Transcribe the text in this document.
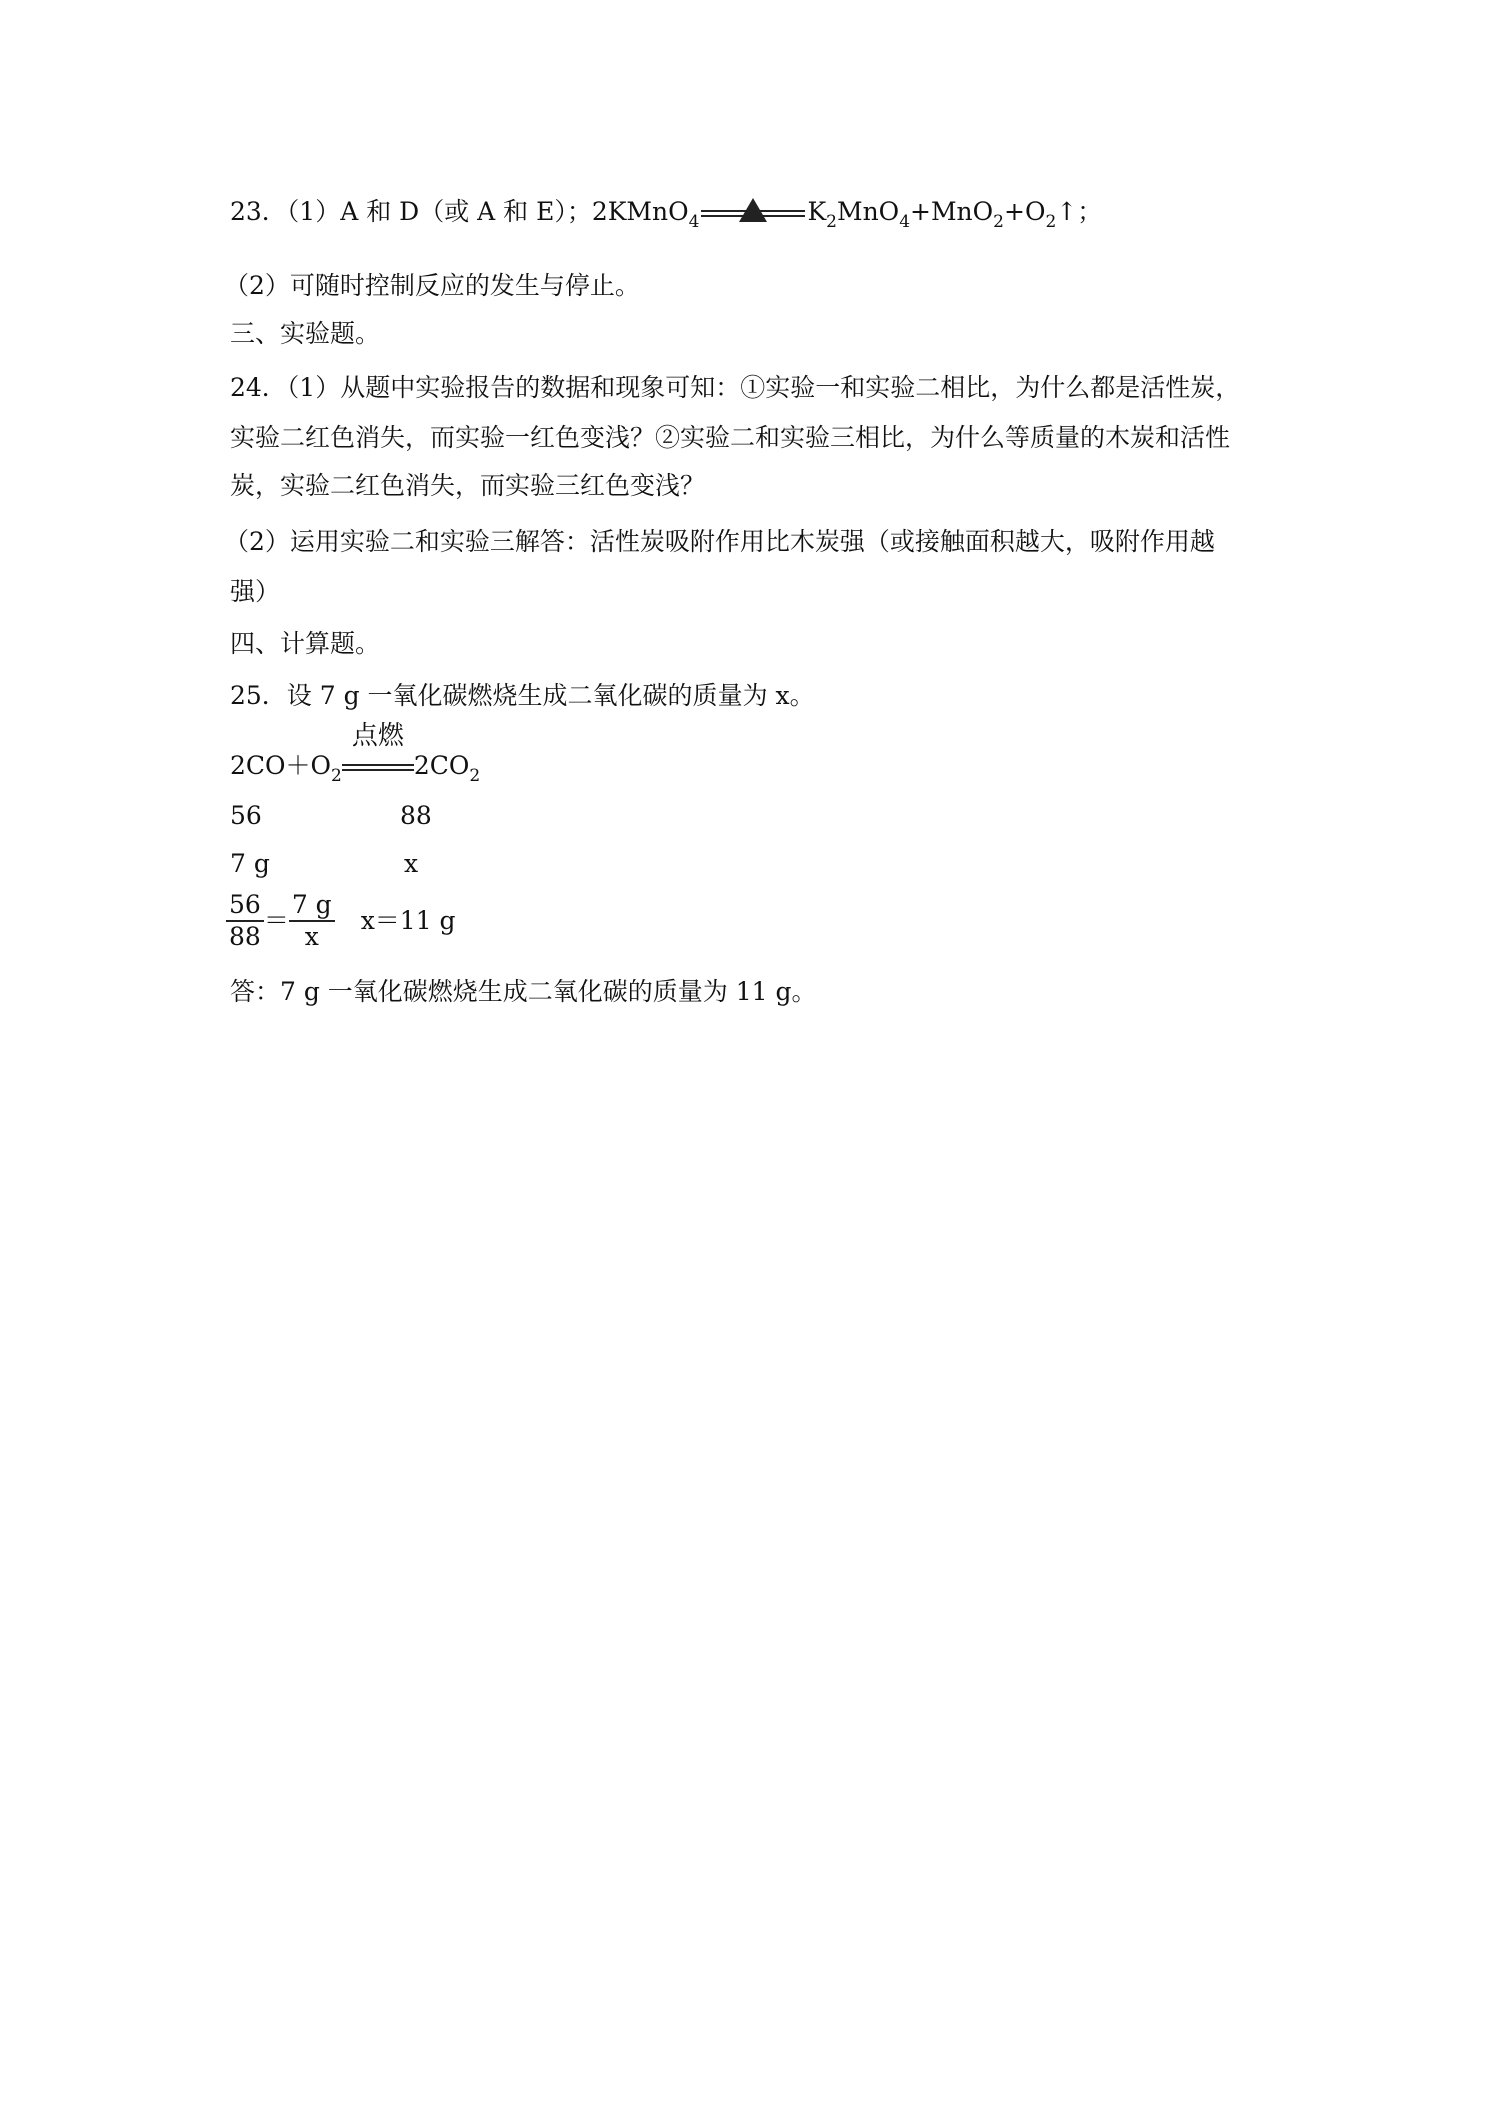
23．（1）A 和 D（或 A 和 E）；2KMnO$_4$	$K_2MnO_4+MnO_2+O_2↑$；
（2）可随时控制反应的发生与停止。
三、实验题。
24．（1）从题中实验报告的数据和现象可知：①实验一和实验二相比，为什么都是活性炭，
实验二红色消失，而实验一红色变浅？②实验二和实验三相比，为什么等质量的木炭和活性
炭，实验二红色消失，而实验三红色变浅？
（2）运用实验二和实验三解答：活性炭吸附作用比木炭强（或接触面积越大，吸附作用越
强）
四、计算题。
25．设 7 g 一氧化碳燃烧生成二氧化碳的质量为 x。
$2CO+O_2$
点燃
$2CO_2$
56	88
7 g	x
$\frac{56}{88} = \frac{7 g}{x} x=11$ g
答：7 g 一氧化碳燃烧生成二氧化碳的质量为 11 g。
